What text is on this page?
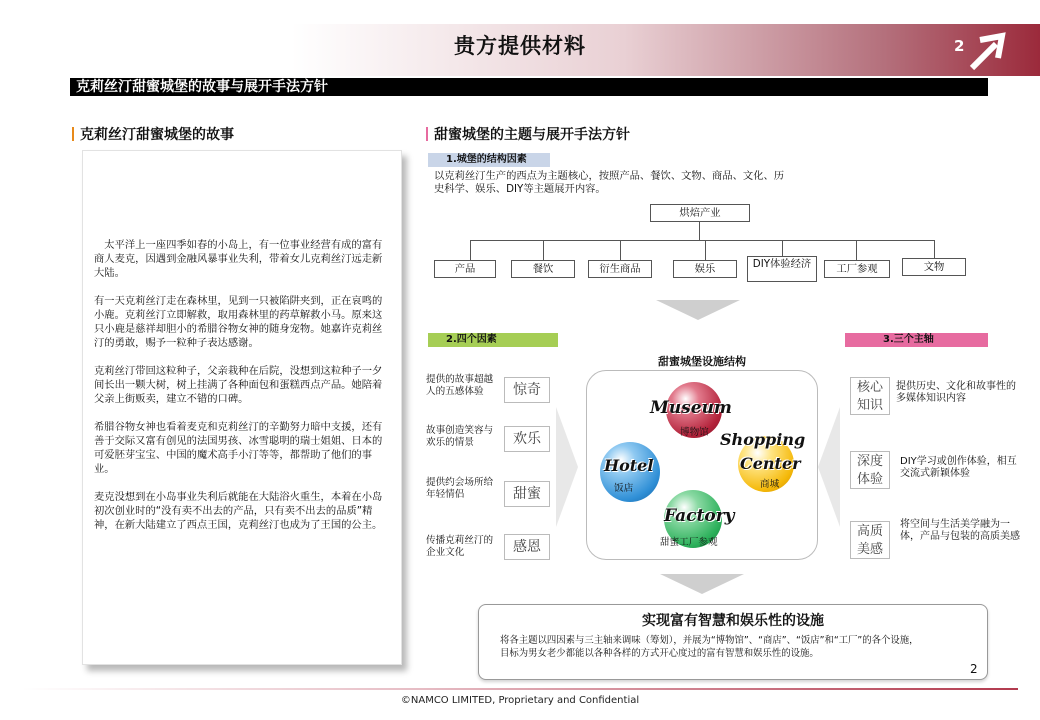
贵方提供材料	2
克莉丝汀甜蜜城堡的故事与展开手法方针
克莉丝汀甜蜜城堡的故事

　太平洋上一座四季如春的小岛上，有一位事业经营有成的富有商人麦克，因遇到金融风暴事业失利，带着女儿克莉丝汀远走新大陆。

有一天克莉丝汀走在森林里，见到一只被陷阱夹到，正在哀鸣的小鹿。克莉丝汀立即解救，取用森林里的药草解救小马。原来这只小鹿是慈祥却胆小的希腊谷物女神的随身宠物。她嘉许克莉丝汀的勇敢，赐予一粒种子表达感谢。

克莉丝汀带回这粒种子，父亲栽种在后院，没想到这粒种子一夕间长出一颗大树，树上挂满了各种面包和蛋糕西点产品。她陪着父亲上街贩卖，建立不错的口碑。

希腊谷物女神也看着麦克和克莉丝汀的辛勤努力暗中支援，还有善于交际又富有创见的法国男孩、冰雪聪明的瑞士姐姐、日本的可爱胚芽宝宝、中国的魔术高手小汀等等，都帮助了他们的事业。

麦克没想到在小岛事业失利后就能在大陆浴火重生，本着在小岛初次创业时的“没有卖不出去的产品，只有卖不出去的品质”精神，在新大陆建立了西点王国，克莉丝汀也成为了王国的公主。

甜蜜城堡的主题与展开手法方针
1.城堡的结构因素
以克莉丝汀生产的西点为主题核心，按照产品、餐饮、文物、商品、文化、历史科学、娱乐、DIY等主题展开内容。
烘焙产业
产品	餐饮	衍生商品	娱乐	DIY体验经济	工厂参观	文物
2.四个因素	3.三个主轴
提供的故事超越人的五感体验	惊奇
故事创造笑容与欢乐的情景	欢乐
提供约会场所给年轻情侣	甜蜜
传播克莉丝汀的企业文化	感恩
甜蜜城堡设施结构
Museum
博物馆 Shopping
Center
商城
Hotel
饭店
Factory
甜蜜工厂参观
核心
知识
提供历史、文化和故事性的多媒体知识内容
深度
体验
DIY学习或创作体验，相互交流式新颖体验
高质
美感
将空间与生活美学融为一体，产品与包装的高质美感
实现富有智慧和娱乐性的设施
将各主题以四因素与三主轴来调味（筹划），并展为“博物馆”、“商店”、“饭店”和“工厂”的各个设施，
目标为男女老少都能以各种各样的方式开心度过的富有智慧和娱乐性的设施。
2
©NAMCO LIMITED, Proprietary and Confidential
